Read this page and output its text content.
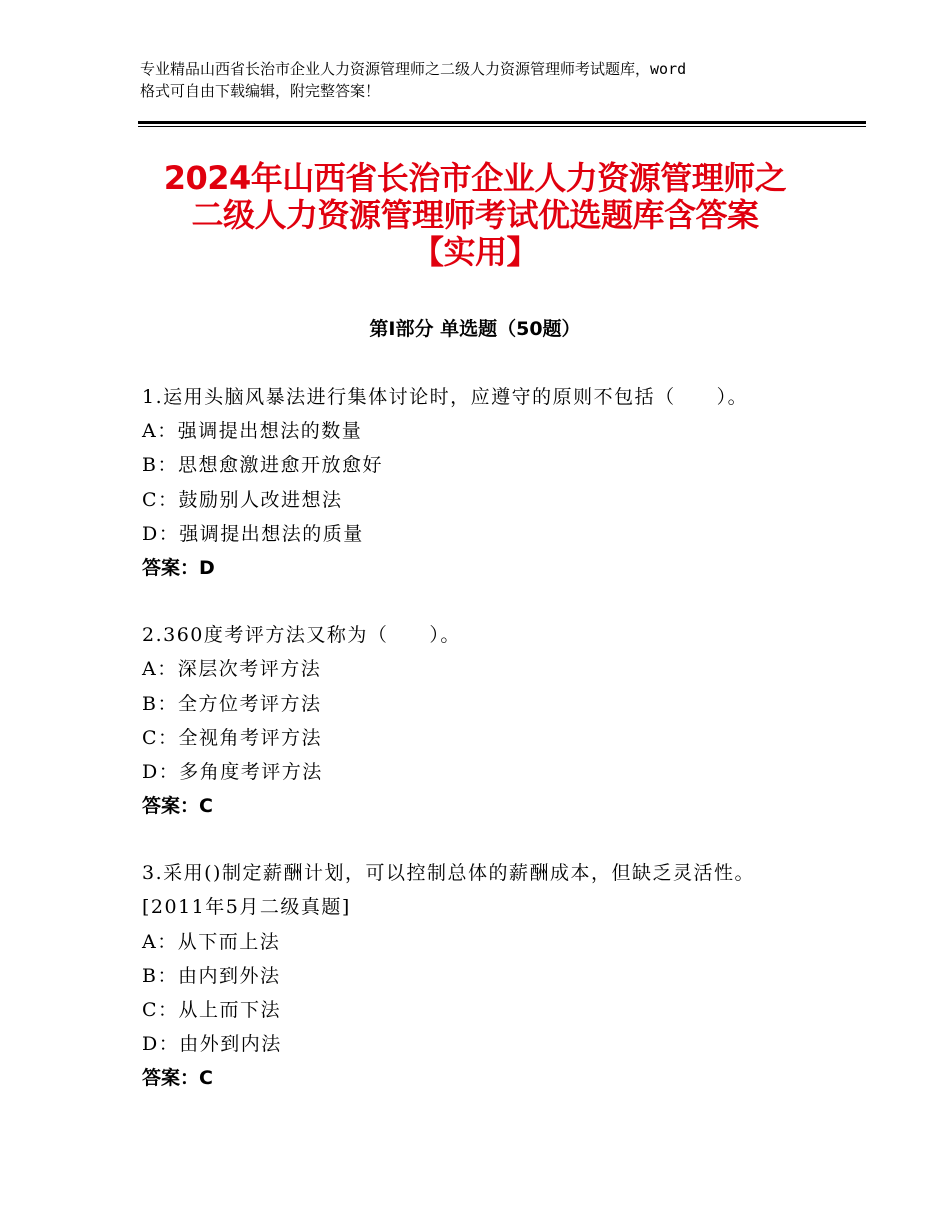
专业精品山西省长治市企业人力资源管理师之二级人力资源管理师考试题库，word
格式可自由下载编辑，附完整答案！
2024年山西省长治市企业人力资源管理师之
二级人力资源管理师考试优选题库含答案
【实用】
第Ⅰ部分 单选题（50题）
1.运用头脑风暴法进行集体讨论时，应遵守的原则不包括（　　）。
A：强调提出想法的数量
B：思想愈激进愈开放愈好
C：鼓励别人改进想法
D：强调提出想法的质量
答案：D
2.360度考评方法又称为（　　）。
A：深层次考评方法
B：全方位考评方法
C：全视角考评方法
D：多角度考评方法
答案：C
3.采用()制定薪酬计划，可以控制总体的薪酬成本，但缺乏灵活性。
[2011年5月二级真题]
A：从下而上法
B：由内到外法
C：从上而下法
D：由外到内法
答案：C
